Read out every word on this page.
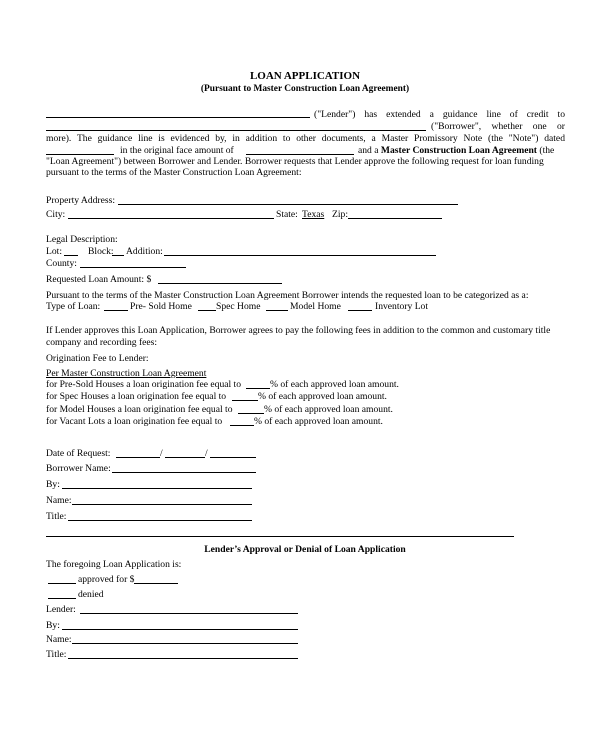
LOAN APPLICATION
(Pursuant to Master Construction Loan Agreement)
("Lender") has extended a guidance line of credit to
("Borrower", whether one or
more). The guidance line is evidenced by, in addition to other documents, a Master Promissory Note (the "Note") dated
in the original face amount of	and a Master Construction Loan Agreement (the
"Loan Agreement") between Borrower and Lender. Borrower requests that Lender approve the following request for loan funding
pursuant to the terms of the Master Construction Loan Agreement:
Property Address:
City:	State: Texas Zip:
Legal Description:
Lot:	Block: Addition:
County:
Requested Loan Amount: $
Pursuant to the terms of the Master Construction Loan Agreement Borrower intends the requested loan to be categorized as a:
Type of Loan:	Pre- Sold Home	Spec Home	Model Home	Inventory Lot
If Lender approves this Loan Application, Borrower agrees to pay the following fees in addition to the common and customary title
company and recording fees:
Origination Fee to Lender:
Per Master Construction Loan Agreement
for Pre-Sold Houses a loan origination fee equal to	% of each approved loan amount.
for Spec Houses a loan origination fee equal to	% of each approved loan amount.
for Model Houses a loan origination fee equal to	% of each approved loan amount.
for Vacant Lots a loan origination fee equal to	% of each approved loan amount.
Date of Request:	/	/
Borrower Name:
By:
Name:
Title:
Lender’s Approval or Denial of Loan Application
The foregoing Loan Application is:
approved for $
denied
Lender:
By:
Name:
Title:
